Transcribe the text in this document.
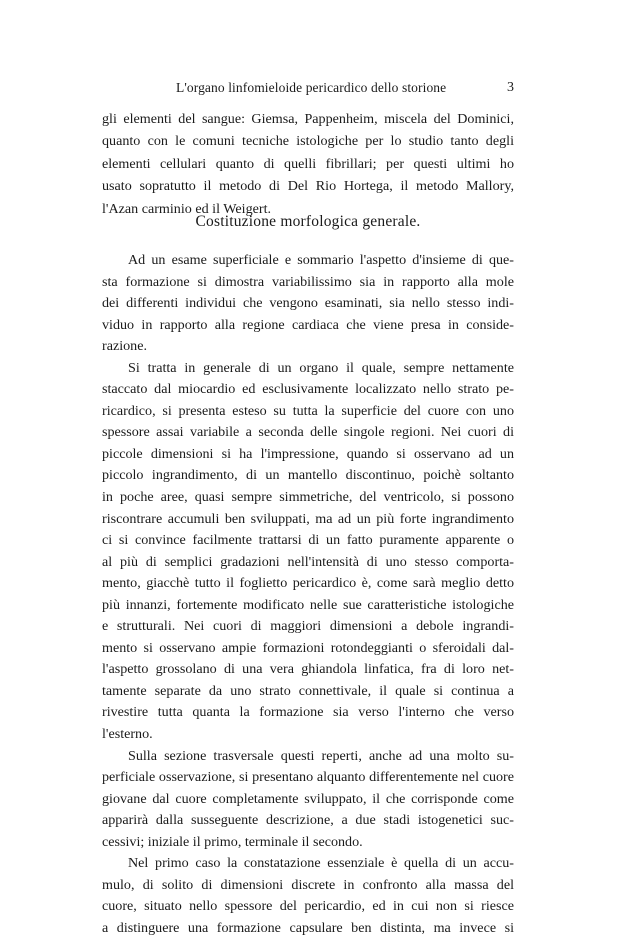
L'organo linfomieloide pericardico dello storione	3
gli elementi del sangue: Giemsa, Pappenheim, miscela del Dominici,
quanto con le comuni tecniche istologiche per lo studio tanto degli
elementi cellulari quanto di quelli fibrillari; per questi ultimi ho
usato sopratutto il metodo di Del Rio Hortega, il metodo Mallory,
l'Azan carminio ed il Weigert.
Costituzione morfologica generale.
Ad un esame superficiale e sommario l'aspetto d'insieme di que-
sta formazione si dimostra variabilissimo sia in rapporto alla mole
dei differenti individui che vengono esaminati, sia nello stesso indi-
viduo in rapporto alla regione cardiaca che viene presa in conside-
razione.
Si tratta in generale di un organo il quale, sempre nettamente
staccato dal miocardio ed esclusivamente localizzato nello strato pe-
ricardico, si presenta esteso su tutta la superficie del cuore con uno
spessore assai variabile a seconda delle singole regioni. Nei cuori di
piccole dimensioni si ha l'impressione, quando si osservano ad un
piccolo ingrandimento, di un mantello discontinuo, poichè soltanto
in poche aree, quasi sempre simmetriche, del ventricolo, si possono
riscontrare accumuli ben sviluppati, ma ad un più forte ingrandimento
ci si convince facilmente trattarsi di un fatto puramente apparente o
al più di semplici gradazioni nell'intensità di uno stesso comporta-
mento, giacchè tutto il foglietto pericardico è, come sarà meglio detto
più innanzi, fortemente modificato nelle sue caratteristiche istologiche
e strutturali. Nei cuori di maggiori dimensioni a debole ingrandi-
mento si osservano ampie formazioni rotondeggianti o sferoidali dal-
l'aspetto grossolano di una vera ghiandola linfatica, fra di loro net-
tamente separate da uno strato connettivale, il quale si continua a
rivestire tutta quanta la formazione sia verso l'interno che verso
l'esterno.
Sulla sezione trasversale questi reperti, anche ad una molto su-
perficiale osservazione, si presentano alquanto differentemente nel cuore
giovane dal cuore completamente sviluppato, il che corrisponde come
apparirà dalla susseguente descrizione, a due stadi istogenetici suc-
cessivi; iniziale il primo, terminale il secondo.
Nel primo caso la constatazione essenziale è quella di un accu-
mulo, di solito di dimensioni discrete in confronto alla massa del
cuore, situato nello spessore del pericardio, ed in cui non si riesce
a distinguere una formazione capsulare ben distinta, ma invece si
